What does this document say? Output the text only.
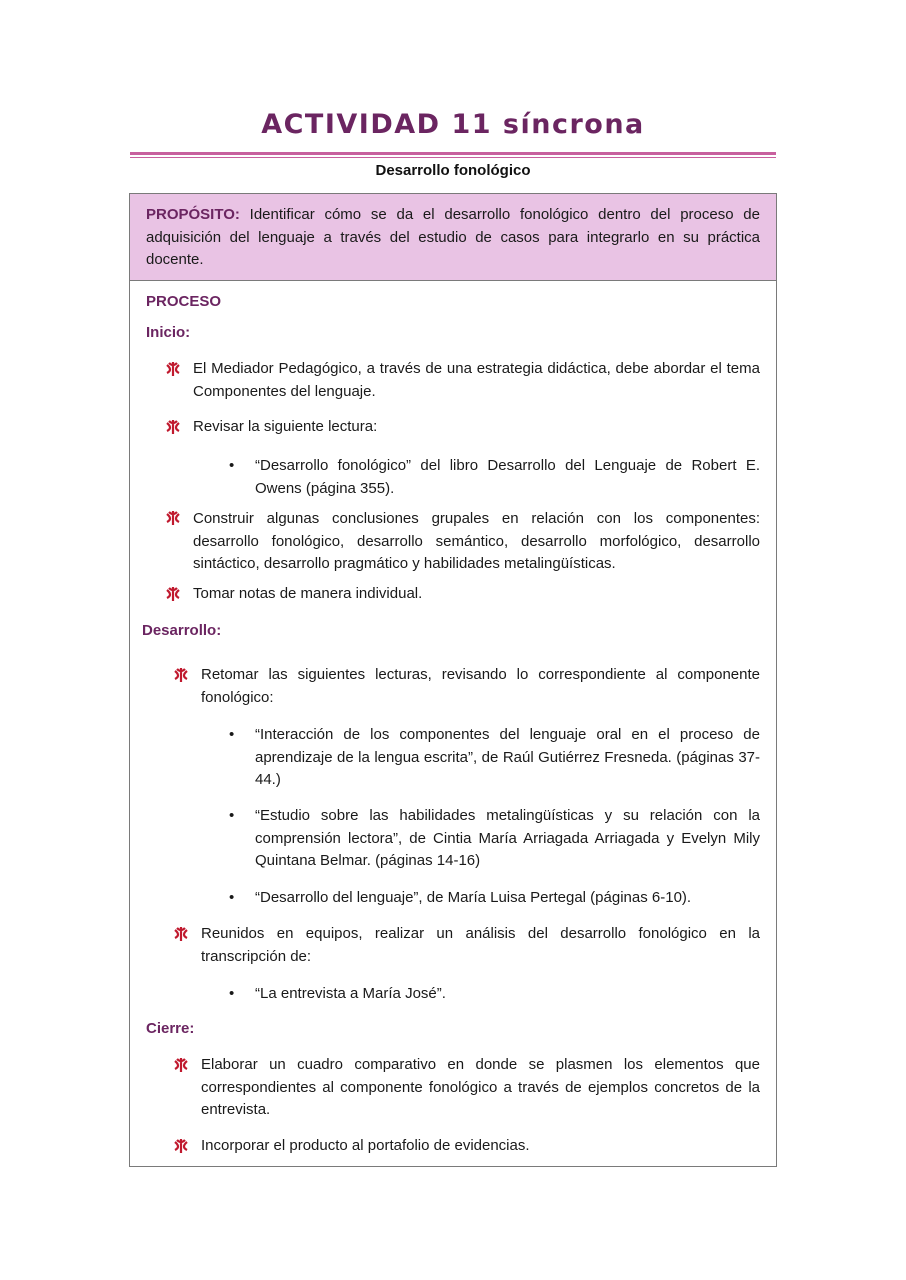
ACTIVIDAD 11 síncrona
Desarrollo fonológico
PROPÓSITO: Identificar cómo se da el desarrollo fonológico dentro del proceso de adquisición del lenguaje a través del estudio de casos para integrarlo en su práctica docente.
PROCESO
Inicio:
El Mediador Pedagógico, a través de una estrategia didáctica, debe abordar el tema Componentes del lenguaje.
Revisar la siguiente lectura:
• “Desarrollo fonológico” del libro Desarrollo del Lenguaje de Robert E. Owens (página 355).
Construir algunas conclusiones grupales en relación con los componentes: desarrollo fonológico, desarrollo semántico, desarrollo morfológico, desarrollo sintáctico, desarrollo pragmático y habilidades metalingüísticas.
Tomar notas de manera individual.
Desarrollo:
Retomar las siguientes lecturas, revisando lo correspondiente al componente fonológico:
• “Interacción de los componentes del lenguaje oral en el proceso de aprendizaje de la lengua escrita”, de Raúl Gutiérrez Fresneda. (páginas 37-44.)
• “Estudio sobre las habilidades metalingüísticas y su relación con la comprensión lectora”, de Cintia María Arriagada Arriagada y Evelyn Mily Quintana Belmar. (páginas 14-16)
• “Desarrollo del lenguaje”, de María Luisa Pertegal (páginas 6-10).
Reunidos en equipos, realizar un análisis del desarrollo fonológico en la transcripción de:
• “La entrevista a María José”.
Cierre:
Elaborar un cuadro comparativo en donde se plasmen los elementos que correspondientes al componente fonológico a través de ejemplos concretos de la entrevista.
Incorporar el producto al portafolio de evidencias.
